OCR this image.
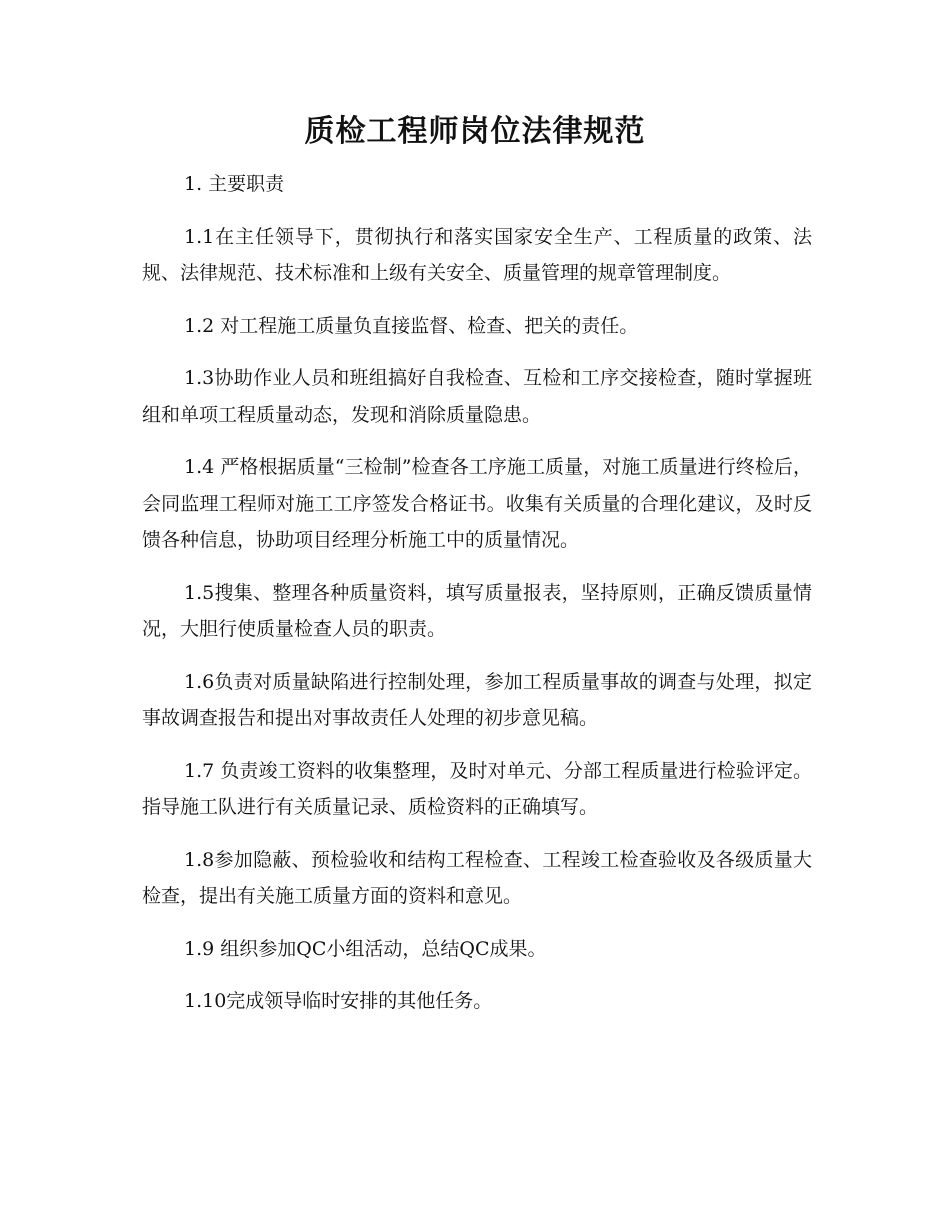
质检工程师岗位法律规范

1. 主要职责

1.1在主任领导下，贯彻执行和落实国家安全生产、工程质量的政策、法规、法律规范、技术标准和上级有关安全、质量管理的规章管理制度。

1.2 对工程施工质量负直接监督、检查、把关的责任。

1.3协助作业人员和班组搞好自我检查、互检和工序交接检查，随时掌握班组和单项工程质量动态，发现和消除质量隐患。

1.4 严格根据质量“三检制”检查各工序施工质量，对施工质量进行终检后，会同监理工程师对施工工序签发合格证书。收集有关质量的合理化建议，及时反馈各种信息，协助项目经理分析施工中的质量情况。

1.5搜集、整理各种质量资料，填写质量报表，坚持原则，正确反馈质量情况，大胆行使质量检查人员的职责。

1.6负责对质量缺陷进行控制处理，参加工程质量事故的调查与处理，拟定事故调查报告和提出对事故责任人处理的初步意见稿。

1.7 负责竣工资料的收集整理，及时对单元、分部工程质量进行检验评定。指导施工队进行有关质量记录、质检资料的正确填写。

1.8参加隐蔽、预检验收和结构工程检查、工程竣工检查验收及各级质量大检查，提出有关施工质量方面的资料和意见。

1.9 组织参加QC小组活动，总结QC成果。

1.10完成领导临时安排的其他任务。
